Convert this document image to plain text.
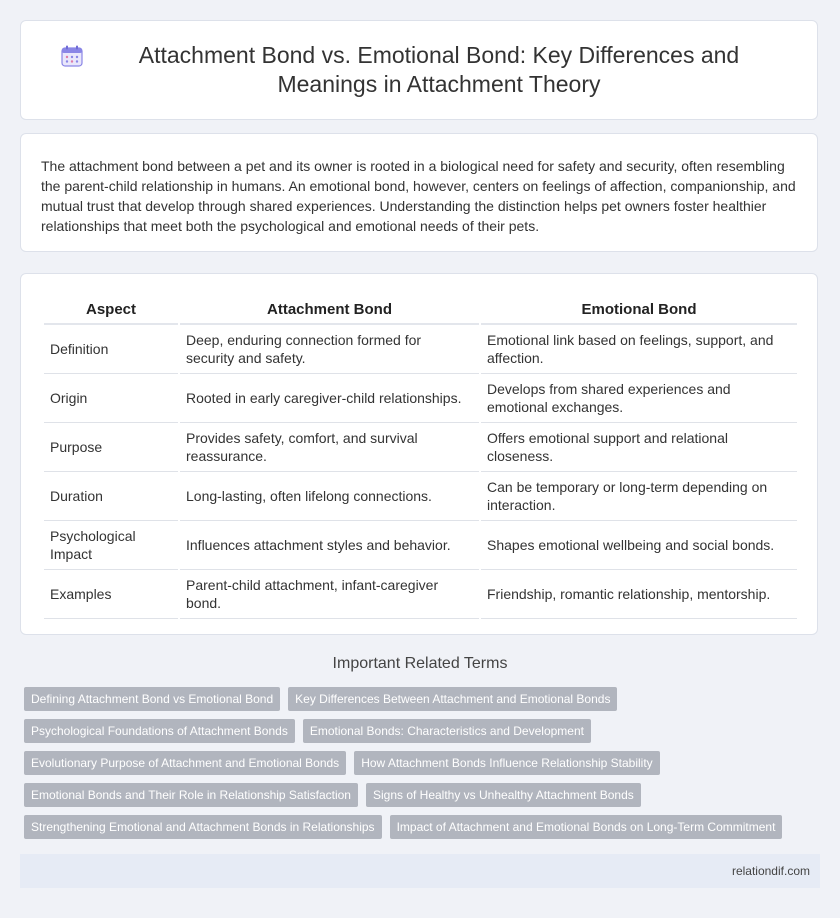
Attachment Bond vs. Emotional Bond: Key Differences and Meanings in Attachment Theory

The attachment bond between a pet and its owner is rooted in a biological need for safety and security, often resembling the parent-child relationship in humans. An emotional bond, however, centers on feelings of affection, companionship, and mutual trust that develop through shared experiences. Understanding the distinction helps pet owners foster healthier relationships that meet both the psychological and emotional needs of their pets.

Aspect	Attachment Bond	Emotional Bond
Definition	Deep, enduring connection formed for security and safety.	Emotional link based on feelings, support, and affection.
Origin	Rooted in early caregiver-child relationships.	Develops from shared experiences and emotional exchanges.
Purpose	Provides safety, comfort, and survival reassurance.	Offers emotional support and relational closeness.
Duration	Long-lasting, often lifelong connections.	Can be temporary or long-term depending on interaction.
Psychological Impact	Influences attachment styles and behavior.	Shapes emotional wellbeing and social bonds.
Examples	Parent-child attachment, infant-caregiver bond.	Friendship, romantic relationship, mentorship.
Important Related Terms
Defining Attachment Bond vs Emotional Bond	Key Differences Between Attachment and Emotional Bonds
Psychological Foundations of Attachment Bonds	Emotional Bonds: Characteristics and Development
Evolutionary Purpose of Attachment and Emotional Bonds	How Attachment Bonds Influence Relationship Stability
Emotional Bonds and Their Role in Relationship Satisfaction	Signs of Healthy vs Unhealthy Attachment Bonds
Strengthening Emotional and Attachment Bonds in Relationships	Impact of Attachment and Emotional Bonds on Long-Term Commitment
relationdif.com
